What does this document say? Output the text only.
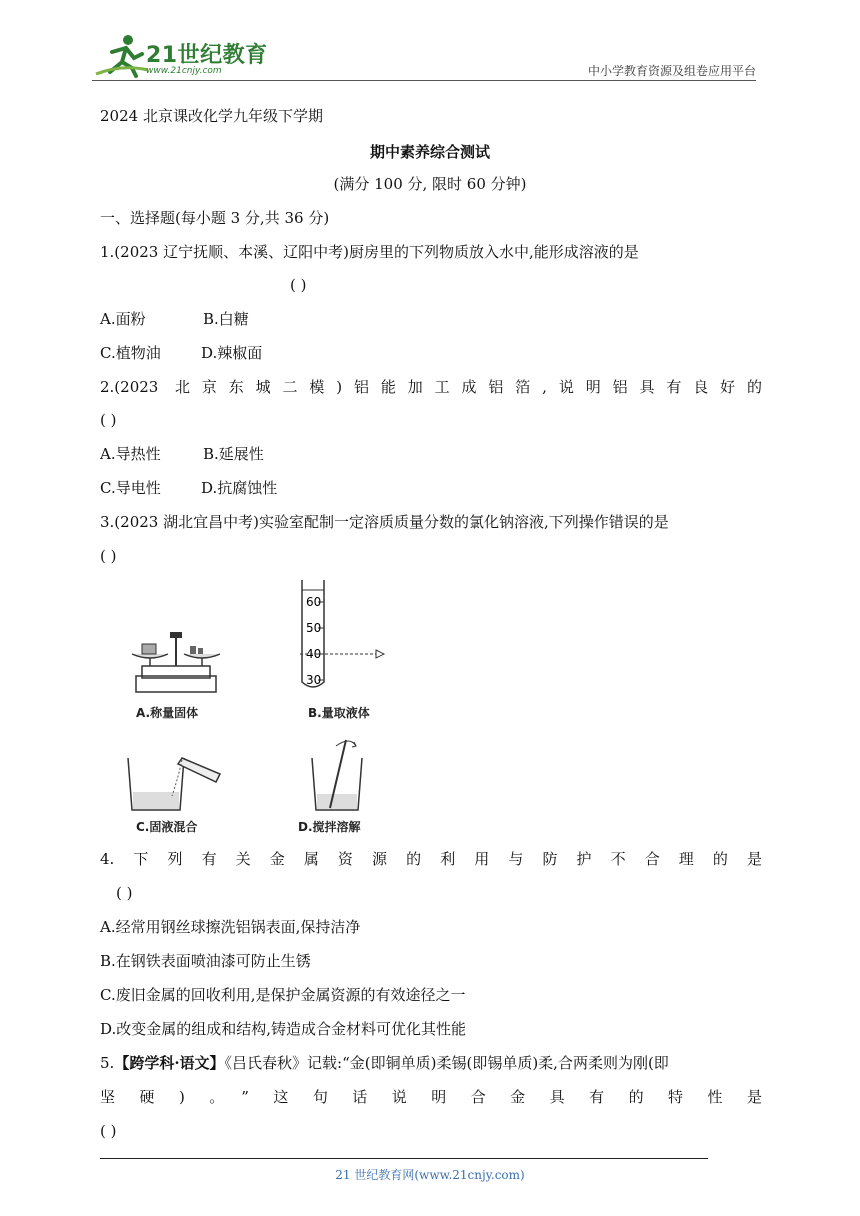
21世纪教育
www.21cnjy.com	中小学教育资源及组卷应用平台
2024 北京课改化学九年级下学期
期中素养综合测试
(满分 100 分, 限时 60 分钟)
一、选择题(每小题 3 分,共 36 分)
1.(2023 辽宁抚顺、本溪、辽阳中考)厨房里的下列物质放入水中,能形成溶液的是
( )
A.面粉	B.白糖
C.植物油	D.辣椒面
2.(2023 北京东城二模)铝能加工成铝箔,说明铝具有良好的
( )
A.导热性	B.延展性
C.导电性	D.抗腐蚀性
3.(2023 湖北宜昌中考)实验室配制一定溶质质量分数的氯化钠溶液,下列操作错误的是
( )
A.称量固体
60
50
40
30
B.量取液体
C.固液混合	D.搅拌溶解
4.下列有关金属资源的利用与防护不合理的是
( )
A.经常用钢丝球擦洗铝锅表面,保持洁净
B.在钢铁表面喷油漆可防止生锈
C.废旧金属的回收利用,是保护金属资源的有效途径之一
D.改变金属的组成和结构,铸造成合金材料可优化其性能
5.【跨学科·语文】《吕氏春秋》记载:“金(即铜单质)柔锡(即锡单质)柔,合两柔则为刚(即
坚硬)。”这句话说明合金具有的特性是
( )
21 世纪教育网(www.21cnjy.com)
